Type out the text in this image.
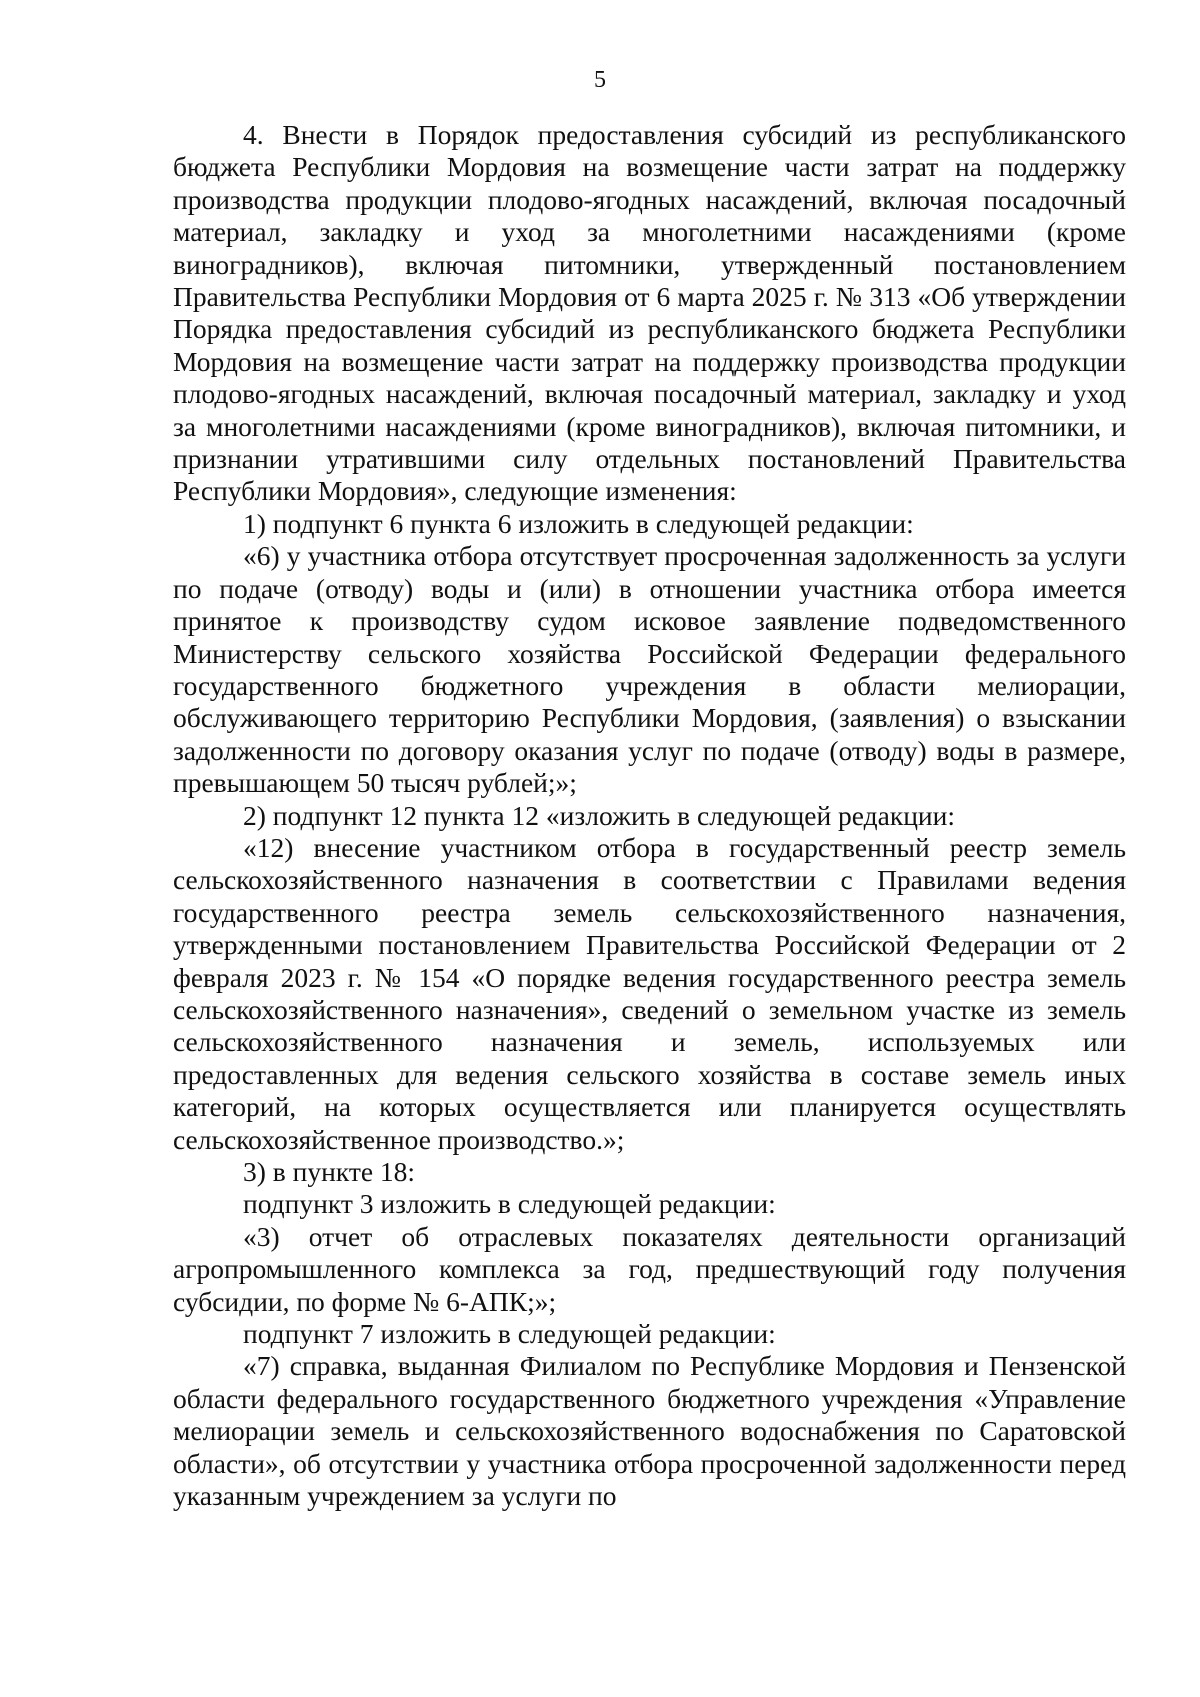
5

4. Внести в Порядок предоставления субсидий из республиканского бюджета Республики Мордовия на возмещение части затрат на поддержку производства продукции плодово-ягодных насаждений, включая посадочный материал, закладку и уход за многолетними насаждениями (кроме виноградников), включая питомники, утвержденный постановлением Правительства Республики Мордовия от 6 марта 2025 г. № 313 «Об утверждении Порядка предоставления субсидий из республиканского бюджета Республики Мордовия на возмещение части затрат на поддержку производства продукции плодово-ягодных насаждений, включая посадочный материал, закладку и уход за многолетними насаждениями (кроме виноградников), включая питомники, и признании утратившими силу отдельных постановлений Правительства Республики Мордовия», следующие изменения:

1) подпункт 6 пункта 6 изложить в следующей редакции:

«6) у участника отбора отсутствует просроченная задолженность за услуги по подаче (отводу) воды и (или) в отношении участника отбора имеется принятое к производству судом исковое заявление подведомственного Министерству сельского хозяйства Российской Федерации федерального государственного бюджетного учреждения в области мелиорации, обслуживающего территорию Республики Мордовия, (заявления) о взыскании задолженности по договору оказания услуг по подаче (отводу) воды в размере, превышающем 50 тысяч рублей;»;

2) подпункт 12 пункта 12 «изложить в следующей редакции:

«12) внесение участником отбора в государственный реестр земель сельскохозяйственного назначения в соответствии с Правилами ведения государственного реестра земель сельскохозяйственного назначения, утвержденными постановлением Правительства Российской Федерации от 2 февраля 2023 г. № 154 «О порядке ведения государственного реестра земель сельскохозяйственного назначения», сведений о земельном участке из земель сельскохозяйственного назначения и земель, используемых или предоставленных для ведения сельского хозяйства в составе земель иных категорий, на которых осуществляется или планируется осуществлять сельскохозяйственное производство.»;

3) в пункте 18:

подпункт 3 изложить в следующей редакции:

«3) отчет об отраслевых показателях деятельности организаций агропромышленного комплекса за год, предшествующий году получения субсидии, по форме № 6-АПК;»;

подпункт 7 изложить в следующей редакции:

«7) справка, выданная Филиалом по Республике Мордовия и Пензенской области федерального государственного бюджетного учреждения «Управление мелиорации земель и сельскохозяйственного водоснабжения по Саратовской области», об отсутствии у участника отбора просроченной задолженности перед указанным учреждением за услуги по
